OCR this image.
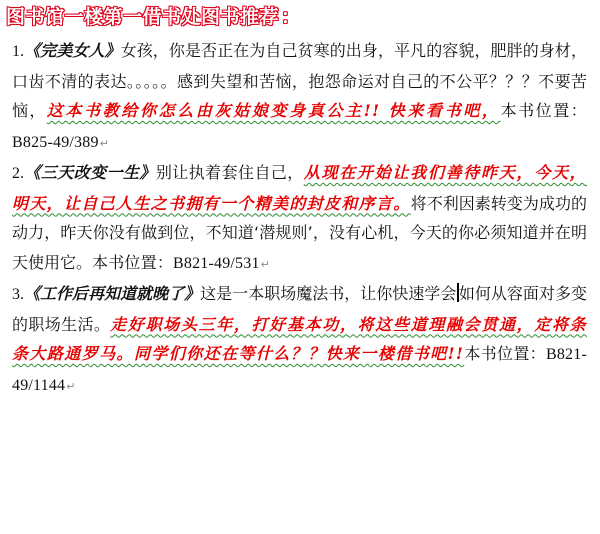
图书馆一楼第一借书处图书推荐 ：

1.《完美女人》女孩，你是否正在为自己贫寒的出身，平凡的容貌，肥胖的身材，口齿不清的表达。。。。。感到失望和苦恼，抱怨命运对自己的不公平？？？不要苦恼，这本书教给你怎么由灰姑娘变身真公主!! 快来看书吧，本书位置：B825-49/389↵

2.《三天改变一生》别让执着套住自己，从现在开始让我们善待昨天，今天，明天，让自己人生之书拥有一个精美的封皮和序言。将不利因素转变为成功的动力，昨天你没有做到位，不知道‘潜规则’，没有心机，今天的你必须知道并在明天使用它。本书位置：B821-49/531↵

3.《工作后再知道就晚了》这是一本职场魔法书，让你快速学会 如何从容面对多变的职场生活。走好职场头三年，打好基本功，将这些道理融会贯通，定将条条大路通罗马。同学们你还在等什么？？快来一楼借书吧!!本书位置：B821-49/1144↵
